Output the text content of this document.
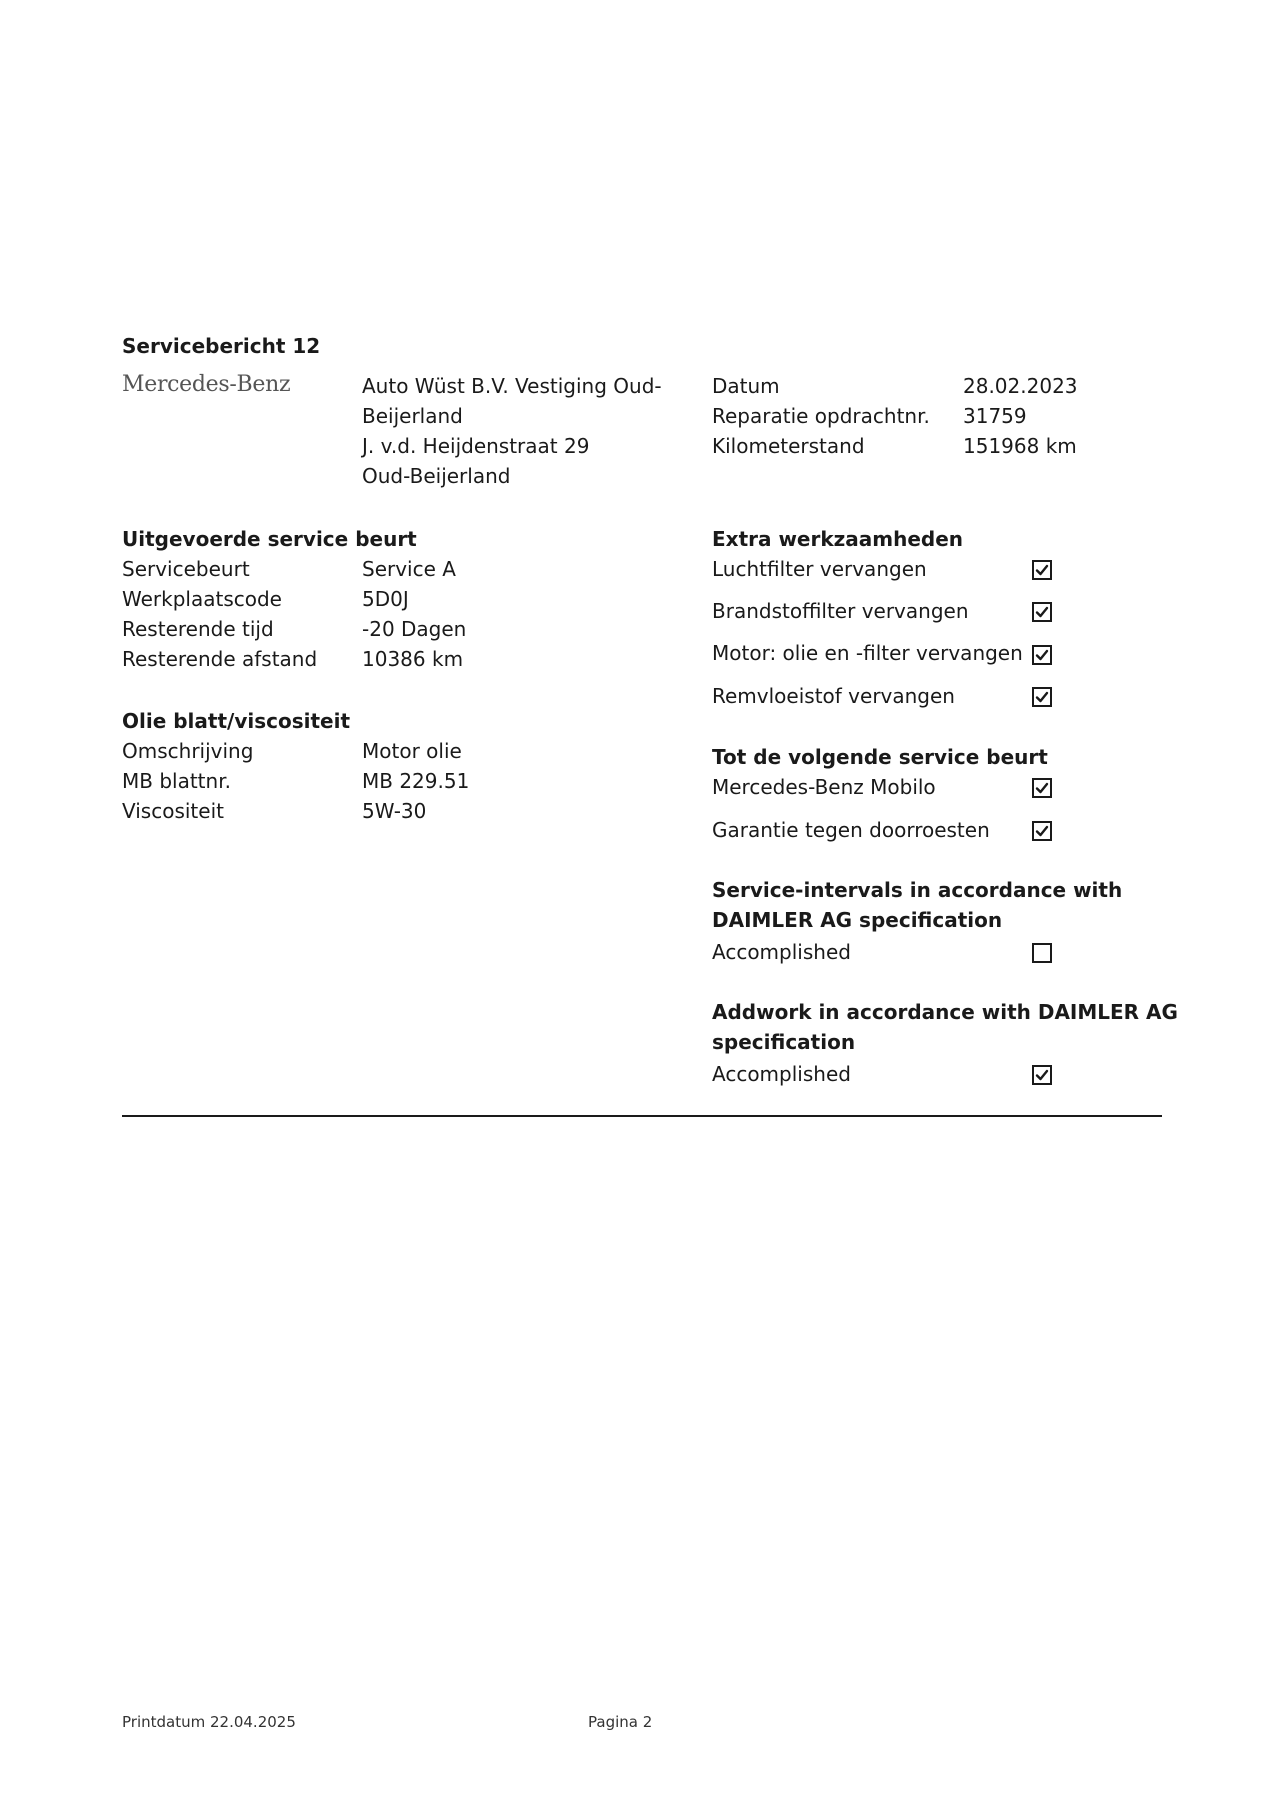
Servicebericht 12
Mercedes-Benz	Auto Wüst B.V. Vestiging Oud-
Beijerland
J. v.d. Heijdenstraat 29
Oud-Beijerland
Datum	28.02.2023
Reparatie opdrachtnr. 31759
Kilometerstand	151968 km
Uitgevoerde service beurt
Servicebeurt	Service A
Werkplaatscode	5D0J
Resterende tijd	-20 Dagen
Resterende afstand 10386 km
Olie blatt/viscositeit
Omschrijving	Motor olie
MB blattnr.	MB 229.51
Viscositeit	5W-30
Extra werkzaamheden
Luchtfilter vervangen
Brandstoffilter vervangen
Motor: olie en -filter vervangen
Remvloeistof vervangen
Tot de volgende service beurt
Mercedes-Benz Mobilo
Garantie tegen doorroesten
Service-intervals in accordance with
DAIMLER AG specification
Accomplished
Addwork in accordance with DAIMLER AG
specification
Accomplished
Printdatum 22.04.2025	Pagina 2
